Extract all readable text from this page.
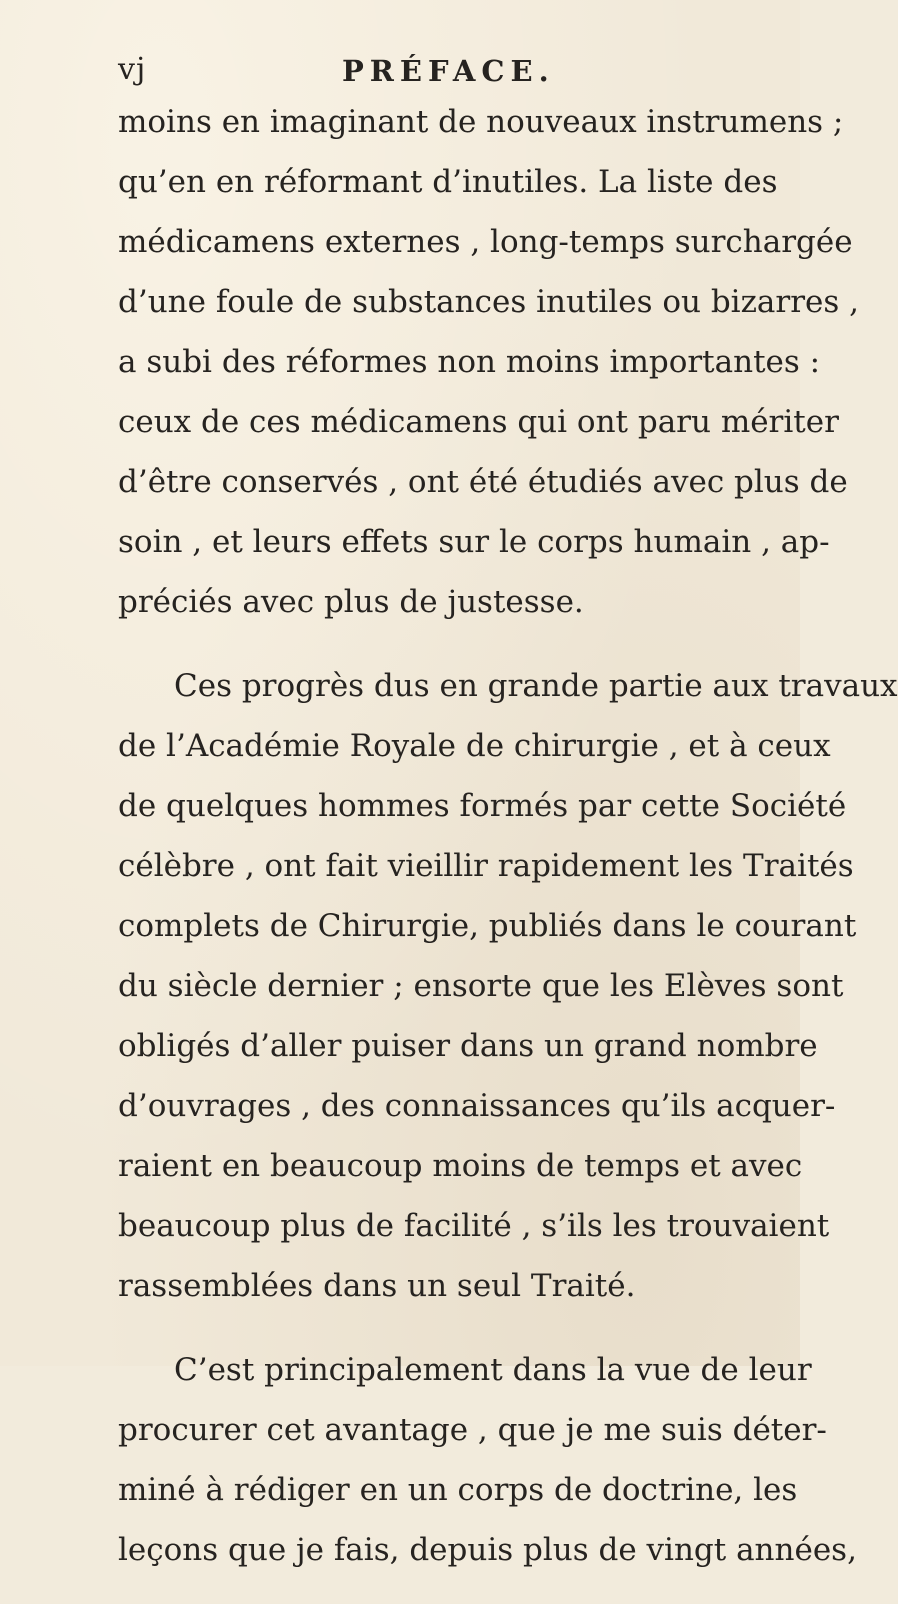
vj	PRÉFACE.
moins en imaginant de nouveaux instrumens ;
qu’en en réformant d’inutiles. La liste des
médicamens externes , long-temps surchargée
d’une foule de substances inutiles ou bizarres ,
a subi des réformes non moins importantes :
ceux de ces médicamens qui ont paru mériter
d’être conservés , ont été étudiés avec plus de
soin , et leurs effets sur le corps humain , ap-
préciés avec plus de justesse.
Ces progrès dus en grande partie aux travaux
de l’Académie Royale de chirurgie , et à ceux
de quelques hommes formés par cette Société
célèbre , ont fait vieillir rapidement les Traités
complets de Chirurgie, publiés dans le courant
du siècle dernier ; ensorte que les Elèves sont
obligés d’aller puiser dans un grand nombre
d’ouvrages , des connaissances qu’ils acquer-
raient en beaucoup moins de temps et avec
beaucoup plus de facilité , s’ils les trouvaient
rassemblées dans un seul Traité.
C’est principalement dans la vue de leur
procurer cet avantage , que je me suis déter-
miné à rédiger en un corps de doctrine, les
leçons que je fais, depuis plus de vingt années,
